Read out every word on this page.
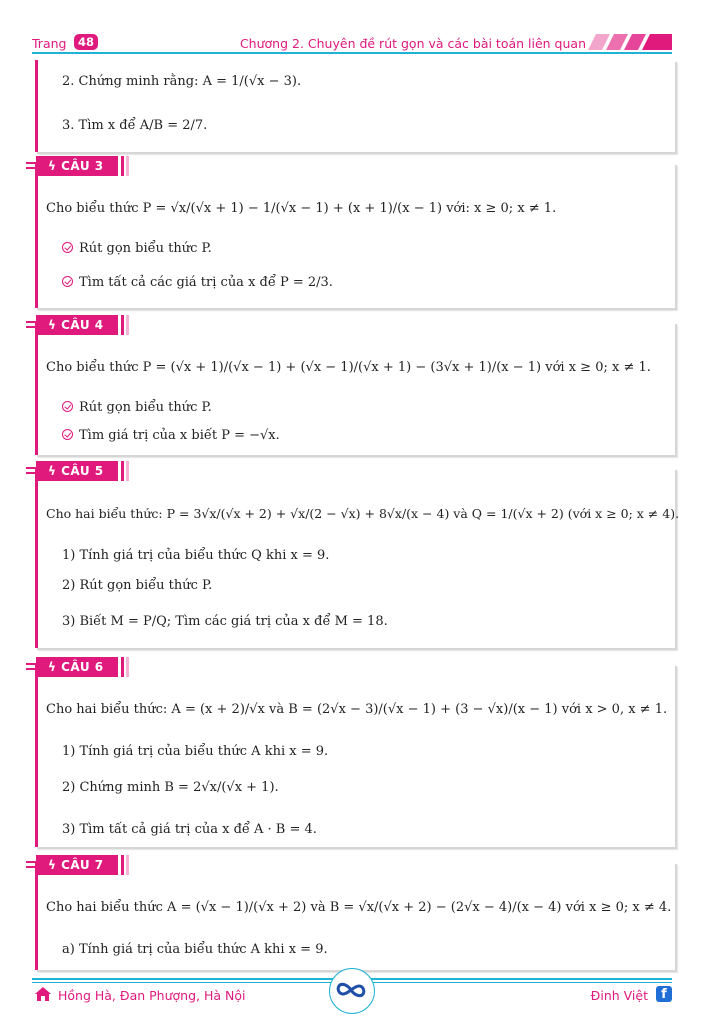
Trang	48	Chương 2. Chuyên đề rút gọn và các bài toán liên quan
2. Chứng minh rằng: A = 1/(√x − 3).
3. Tìm x để A/B = 2/7.
ϟ CÂU 3
Cho biểu thức P = √x/(√x + 1) − 1/(√x − 1) + (x + 1)/(x − 1) với: x ≥ 0; x ≠ 1.
Rút gọn biểu thức P.
Tìm tất cả các giá trị của x để P = 2/3.
ϟ CÂU 4
Cho biểu thức P = (√x + 1)/(√x − 1) + (√x − 1)/(√x + 1) − (3√x + 1)/(x − 1) với x ≥ 0; x ≠ 1.
Rút gọn biểu thức P.
Tìm giá trị của x biết P = −√x.
ϟ CÂU 5
Cho hai biểu thức: P = 3√x/(√x + 2) + √x/(2 − √x) + 8√x/(x − 4) và Q = 1/(√x + 2) (với x ≥ 0; x ≠ 4).
1) Tính giá trị của biểu thức Q khi x = 9.
2) Rút gọn biểu thức P.
3) Biết M = P/Q; Tìm các giá trị của x để M = 18.
ϟ CÂU 6
Cho hai biểu thức: A = (x + 2)/√x và B = (2√x − 3)/(√x − 1) + (3 − √x)/(x − 1) với x > 0, x ≠ 1.
1) Tính giá trị của biểu thức A khi x = 9.
2) Chứng minh B = 2√x/(√x + 1).
3) Tìm tất cả giá trị của x để A · B = 4.
ϟ CÂU 7
Cho hai biểu thức A = (√x − 1)/(√x + 2) và B = √x/(√x + 2) − (2√x − 4)/(x − 4) với x ≥ 0; x ≠ 4.
a) Tính giá trị của biểu thức A khi x = 9.
Hồng Hà, Đan Phượng, Hà Nội	Đinh Việt	f
